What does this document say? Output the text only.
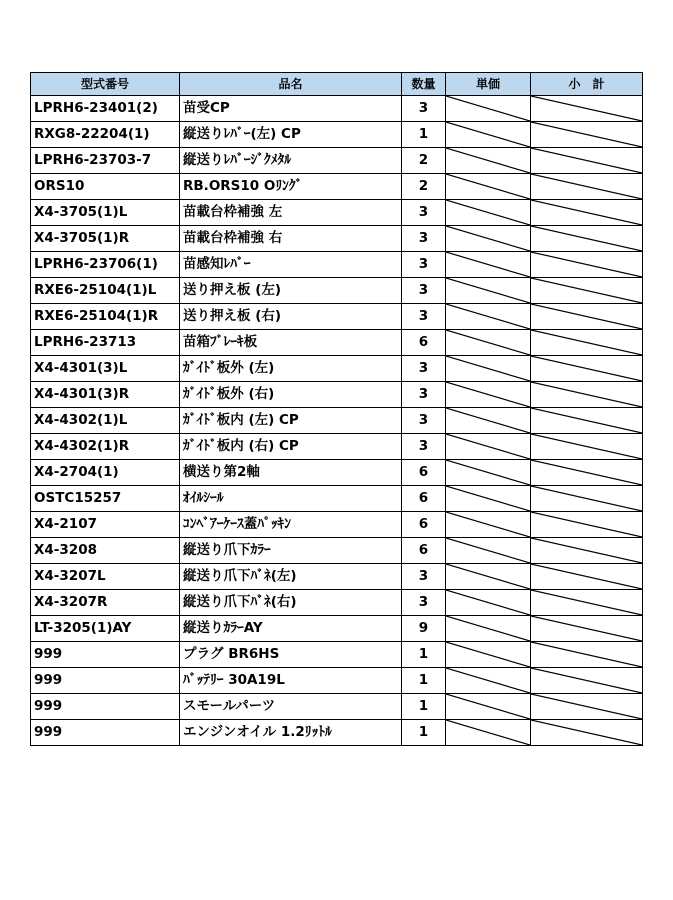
型式番号	品名	数量	単価	小　計
LPRH6-23401(2)	苗受CP	3	

RXG8-22204(1)	縦送りﾚﾊﾞｰ(左) CP	1	

LPRH6-23703-7	縦送りﾚﾊﾞｰｼﾞｸﾒﾀﾙ	2	

ORS10	RB.ORS10 Oﾘﾝｸﾞ	2	

X4-3705(1)L	苗載台枠補強 左	3	

X4-3705(1)R	苗載台枠補強 右	3	

LPRH6-23706(1)	苗感知ﾚﾊﾞｰ	3	

RXE6-25104(1)L	送り押え板 (左)	3	

RXE6-25104(1)R	送り押え板 (右)	3	

LPRH6-23713	苗箱ﾌﾞﾚｰｷ板	6	

X4-4301(3)L	ｶﾞｲﾄﾞ板外 (左)	3	

X4-4301(3)R	ｶﾞｲﾄﾞ板外 (右)	3	

X4-4302(1)L	ｶﾞｲﾄﾞ板内 (左) CP	3	

X4-4302(1)R	ｶﾞｲﾄﾞ板内 (右) CP	3	

X4-2704(1)	横送り第2軸	6	

OSTC15257	ｵｲﾙｼｰﾙ	6	

X4-2107	ｺﾝﾍﾞｱｰｹｰｽ蓋ﾊﾟｯｷﾝ	6	

X4-3208	縦送り爪下ｶﾗｰ	6	

X4-3207L	縦送り爪下ﾊﾞﾈ(左)	3	

X4-3207R	縦送り爪下ﾊﾞﾈ(右)	3	

LT-3205(1)AY	縦送りｶﾗｰAY	9	

999	プラグ BR6HS	1	

999	ﾊﾞｯﾃﾘｰ 30A19L	1	

999	スモールパーツ	1	

999	エンジンオイル 1.2ﾘｯﾄﾙ	1	
